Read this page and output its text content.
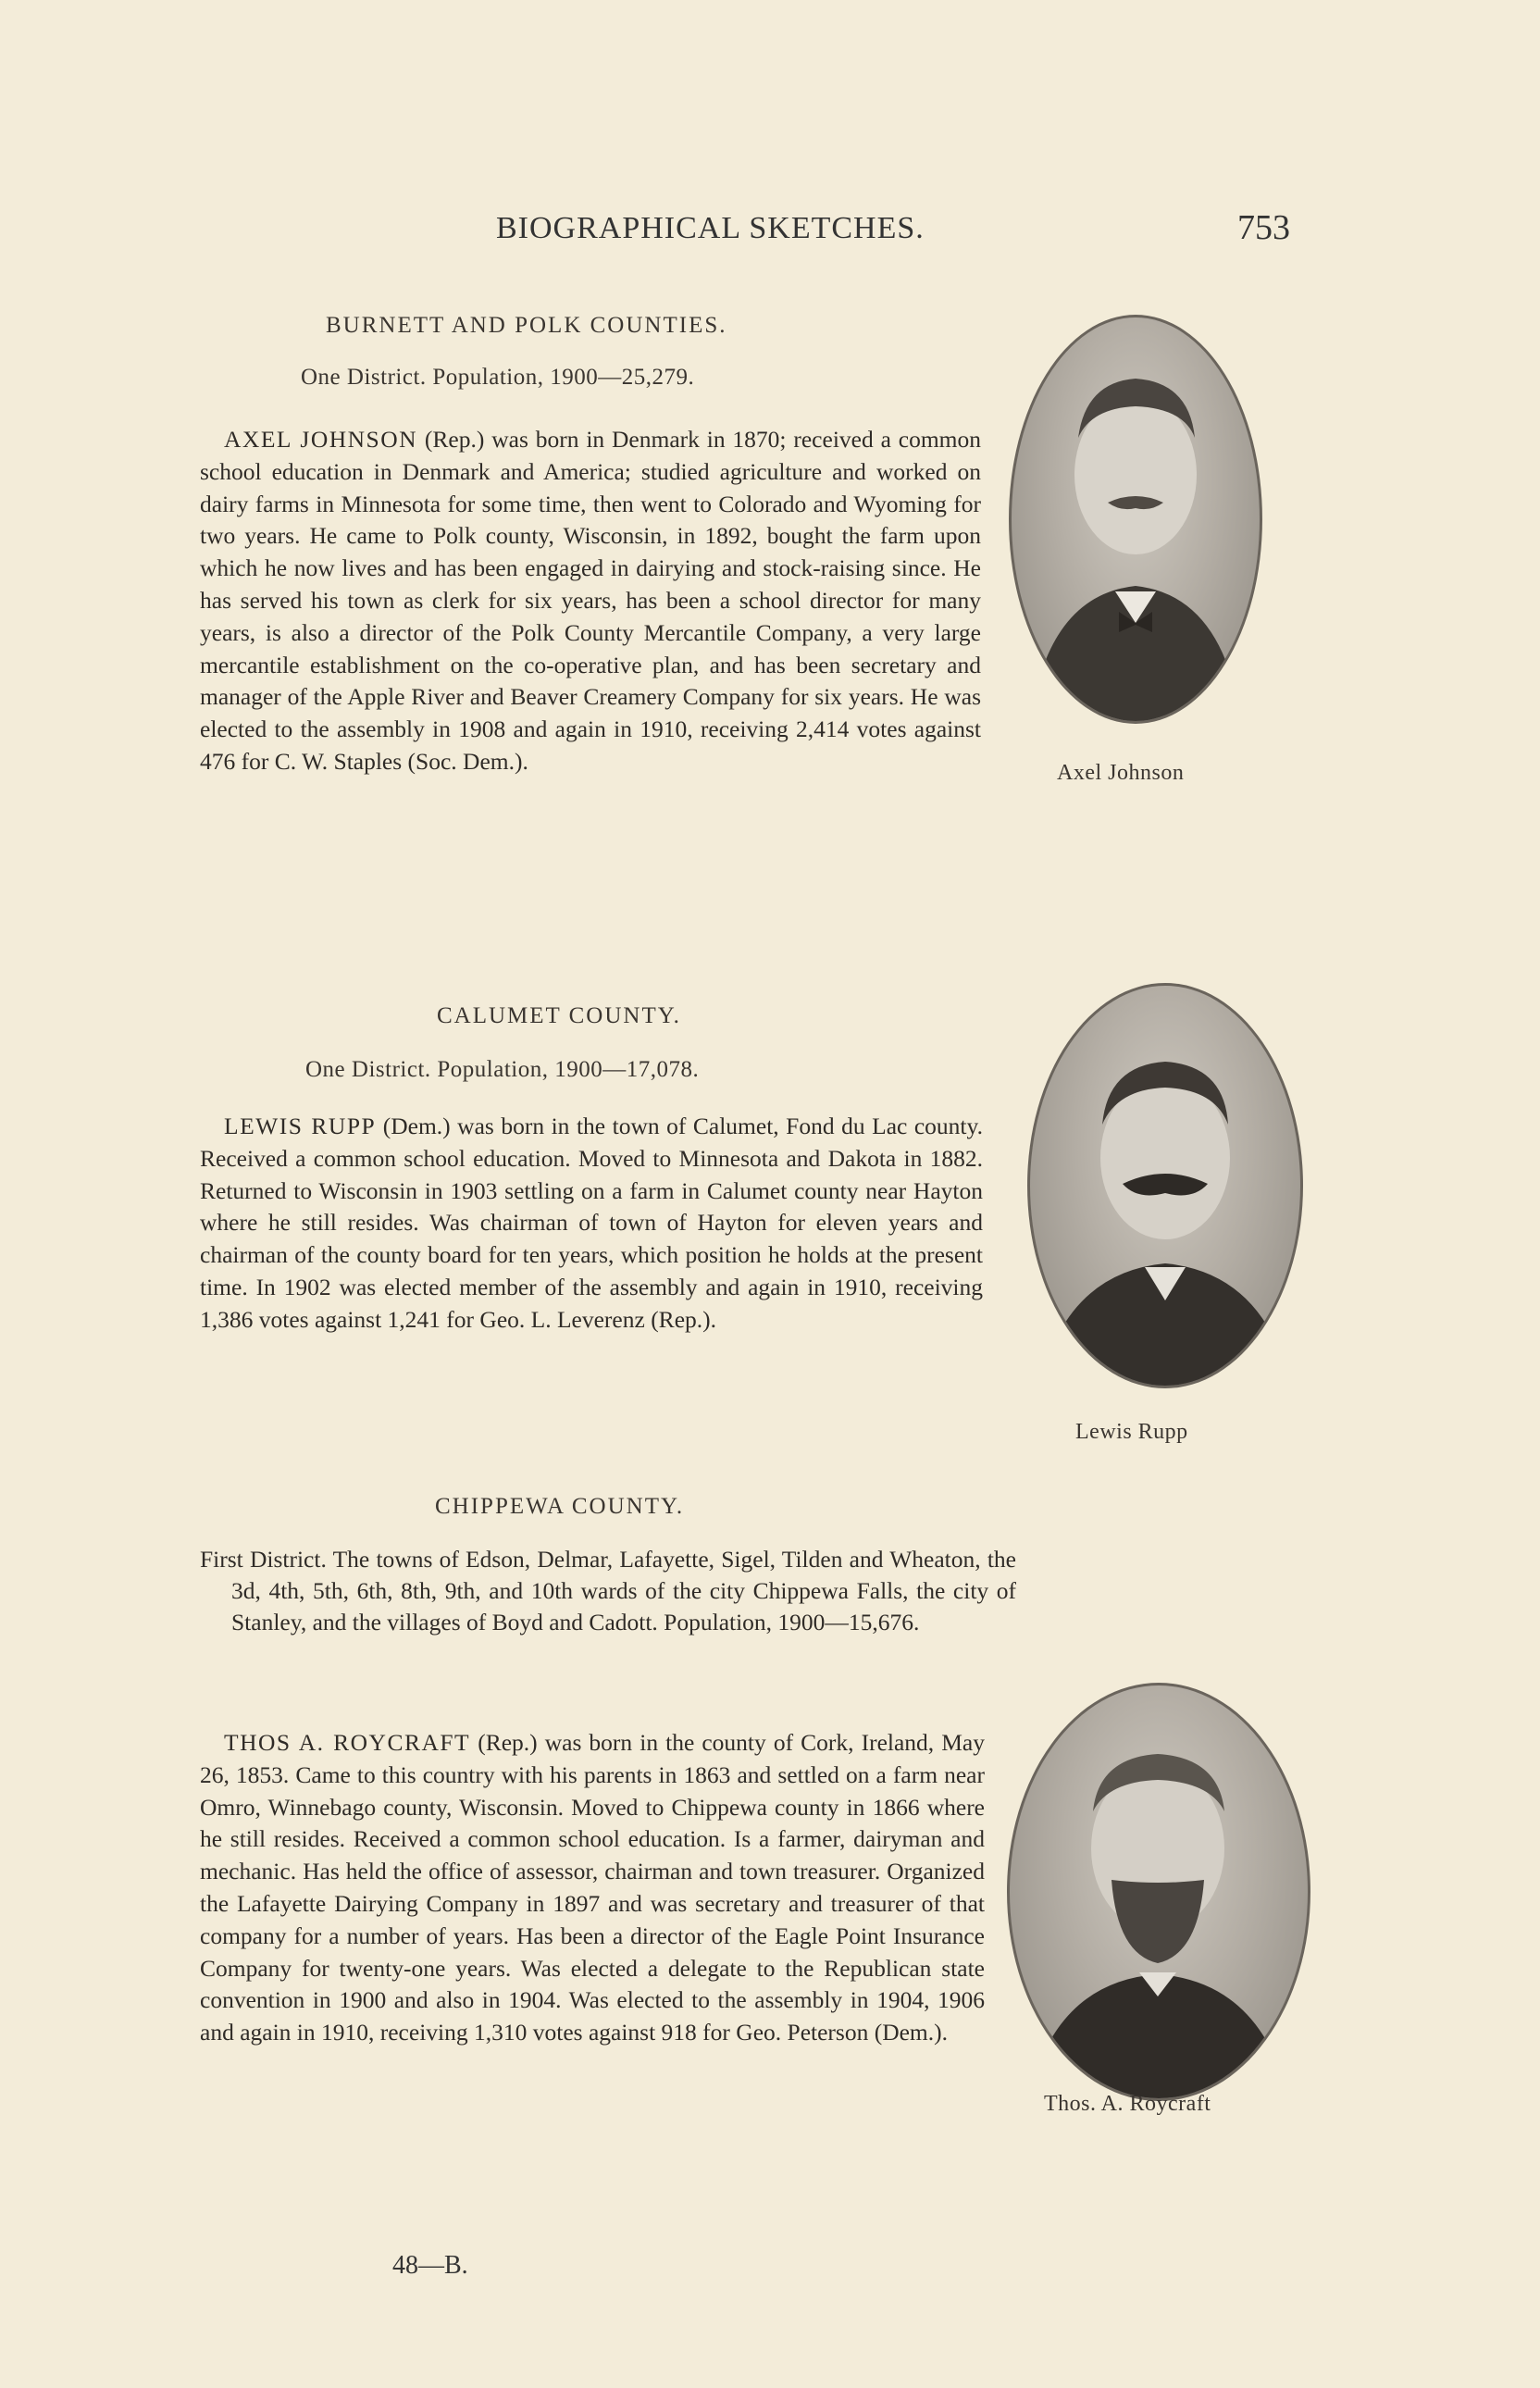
BIOGRAPHICAL SKETCHES.	753
BURNETT AND POLK COUNTIES.
One District. Population, 1900—25,279.

AXEL JOHNSON (Rep.) was born in Denmark in 1870; received a common school education in Denmark and America; studied agriculture and worked on dairy farms in Minnesota for some time, then went to Colorado and Wyoming for two years. He came to Polk county, Wisconsin, in 1892, bought the farm upon which he now lives and has been engaged in dairying and stock-raising since. He has served his town as clerk for six years, has been a school director for many years, is also a director of the Polk County Mercantile Company, a very large mercantile establishment on the co-operative plan, and has been secretary and manager of the Apple River and Beaver Creamery Company for six years. He was elected to the assembly in 1908 and again in 1910, receiving 2,414 votes against 476 for C. W. Staples (Soc. Dem.).	Axel Johnson
CALUMET COUNTY.
One District. Population, 1900—17,078.

LEWIS RUPP (Dem.) was born in the town of Calumet, Fond du Lac county. Received a common school education. Moved to Minnesota and Dakota in 1882. Returned to Wisconsin in 1903 settling on a farm in Calumet county near Hayton where he still resides. Was chairman of town of Hayton for eleven years and chairman of the county board for ten years, which position he holds at the present time. In 1902 was elected member of the assembly and again in 1910, receiving 1,386 votes against 1,241 for Geo. L. Leverenz (Rep.).

Lewis Rupp
CHIPPEWA COUNTY.

First District. The towns of Edson, Delmar, Lafayette, Sigel, Tilden and Wheaton, the 3d, 4th, 5th, 6th, 8th, 9th, and 10th wards of the city Chippewa Falls, the city of Stanley, and the villages of Boyd and Cadott. Population, 1900—15,676.

THOS A. ROYCRAFT (Rep.) was born in the county of Cork, Ireland, May 26, 1853. Came to this country with his parents in 1863 and settled on a farm near Omro, Winnebago county, Wisconsin. Moved to Chippewa county in 1866 where he still resides. Received a common school education. Is a farmer, dairyman and mechanic. Has held the office of assessor, chairman and town treasurer. Organized the Lafayette Dairying Company in 1897 and was secretary and treasurer of that company for a number of years. Has been a director of the Eagle Point Insurance Company for twenty-one years. Was elected a delegate to the Republican state convention in 1900 and also in 1904. Was elected to the assembly in 1904, 1906 and again in 1910, receiving 1,310 votes against 918 for Geo. Peterson (Dem.).

Thos. A. Roycraft
48—B.
